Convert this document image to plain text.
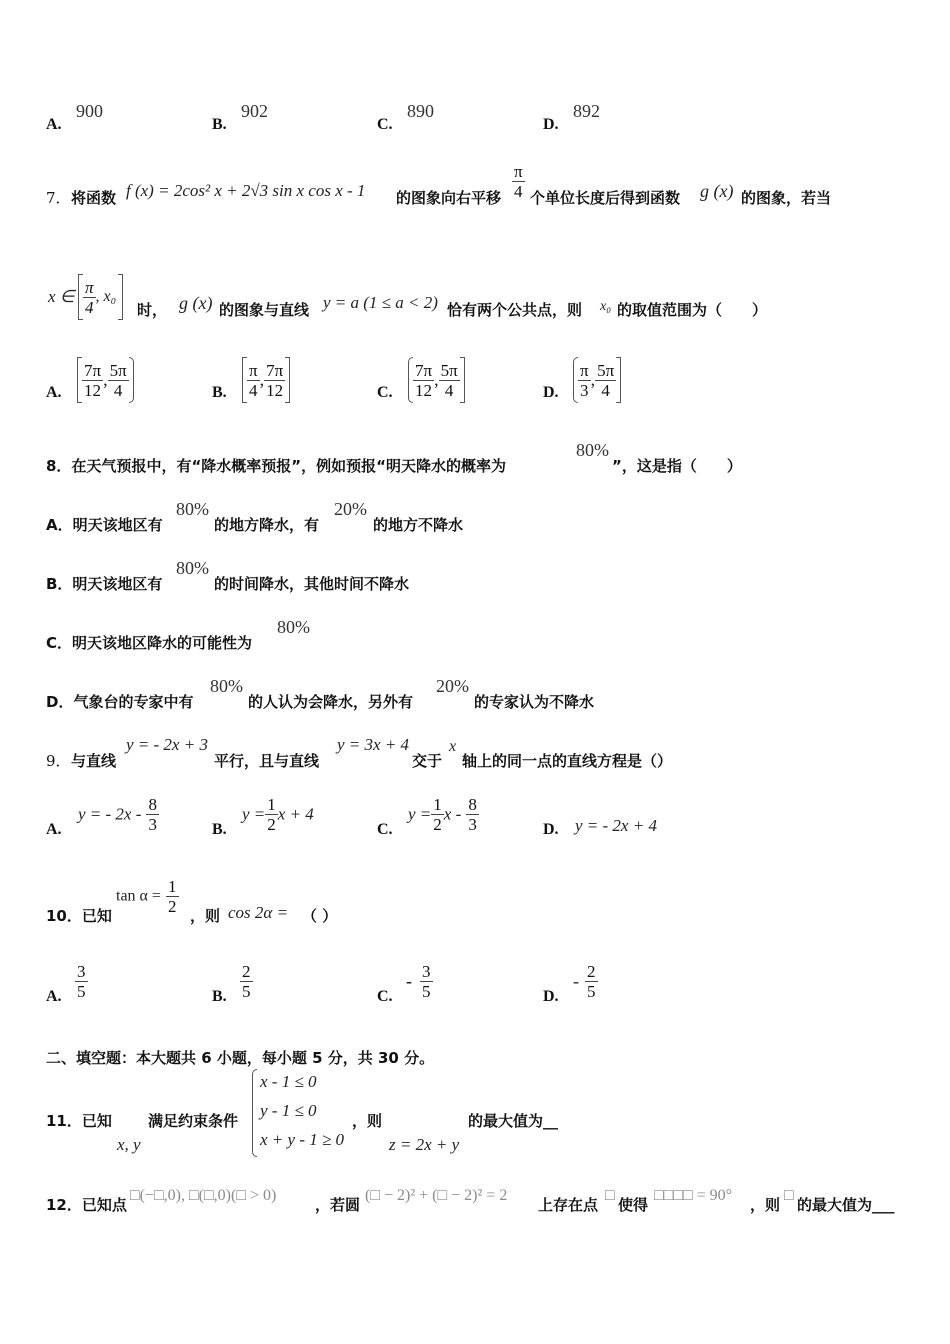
A.
900
B.
902
C.
890
D.
892
7． 将函数 f (x) = 2cos² x + 2√3 sin x cos x - 1 的图象向右平移 $\frac{\pi}{4}$ 个单位长度后得到函数 g (x) 的图象，若当
x ∈ $\frac{\pi}{4}$ , x₀
时， g (x) 的图象与直线 y = a (1 ≤ a < 2) 恰有两个公共点，则 x₀ 的取值范围为（　　）
A. $\frac{7\pi}{12}$ , $\frac{5\pi}{4}$	B. $\frac{\pi}{4}$ , $\frac{7\pi}{12}$	C. $\frac{7\pi}{12}$ , $\frac{5\pi}{4}$	D. $\frac{\pi}{3}$ , $\frac{5\pi}{4}$
8．在天气预报中，有“降水概率预报”，例如预报“明天降水的概率为
80%
”，这是指（　　）
A．明天该地区有
80%
的地方降水，有
20%
的地方不降水
B．明天该地区有
80%
的时间降水，其他时间不降水
C．明天该地区降水的可能性为
80%
D．气象台的专家中有
80%
的人认为会降水，另外有
20%
的专家认为不降水
9． 与直线
y = - 2x + 3
平行，且与直线
y = 3x + 4
交于
x
轴上的同一点的直线方程是（）
A.
y = - $2x - \frac{8}{3}$	B.
$y = \frac{1}{2}$ x + 4
C.
$y = \frac{1}{2}$ x - $\frac{8}{3}$	D. y = - 2x + 4
10．已知
$\tan \alpha = \frac{1}{2}$ ，则 cos 2α = （ ）
A. $\frac{3}{5}$	B. $\frac{2}{5}$	C.
- $\frac{3}{5}$	D.
- $\frac{2}{5}$
二、填空题：本大题共 6 小题，每小题 5 分，共 30 分。
11．已知
x, y
满足约束条件
x - 1 ≤ 0
y - 1 ≤ 0
x + y - 1 ≥ 0
，则
z = 2x + y
的最大值为__
12．已知点
□(−□,0), □(□,0)(□ > 0)
，若圆
(□ − 2)² + (□ − 2)² = 2
上存在点
□
使得
□□□□ = 90°
，则
□
的最大值为___
